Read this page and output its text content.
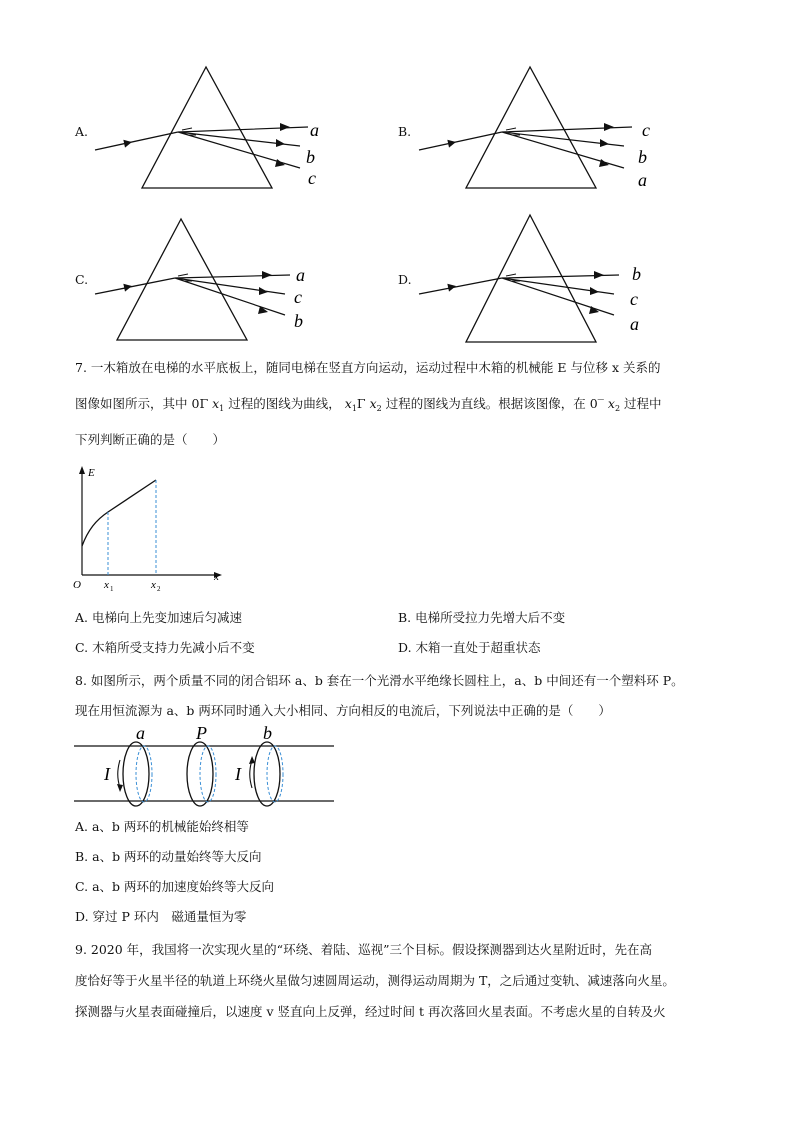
A.	a
b
c
B.	c
b
a
C.	a
c
b
D.	b
c
a
7. 一木箱放在电梯的水平底板上，随同电梯在竖直方向运动，运动过程中木箱的机械能 E 与位移 x 关系的
图像如图所示，其中 0Γ $x_1$ 过程的图线为曲线， $x_1\Gamma$ $x_2$ 过程的图线为直线。根据该图像，在 0‾ $x_2$ 过程中
下列判断正确的是（　　）
E
x
O x 1	x 2
A. 电梯向上先变加速后匀减速	B. 电梯所受拉力先增大后不变
C. 木箱所受支持力先减小后不变	D. 木箱一直处于超重状态
8. 如图所示，两个质量不同的闭合铝环 a、b 套在一个光滑水平绝缘长圆柱上，a、b 中间还有一个塑料环 P。
现在用恒流源为 a、b 两环同时通入大小相同、方向相反的电流后，下列说法中正确的是（　　）
a	P	b
I	I
A. a、b 两环的机械能始终相等
B. a、b 两环的动量始终等大反向
C. a、b 两环的加速度始终等大反向
D. 穿过 P 环内　磁通量恒为零
9. 2020 年，我国将一次实现火星的“环绕、着陆、巡视”三个目标。假设探测器到达火星附近时，先在高
度恰好等于火星半径的轨道上环绕火星做匀速圆周运动，测得运动周期为 T，之后通过变轨、减速落向火星。
探测器与火星表面碰撞后，以速度 v 竖直向上反弹，经过时间 t 再次落回火星表面。不考虑火星的自转及火
